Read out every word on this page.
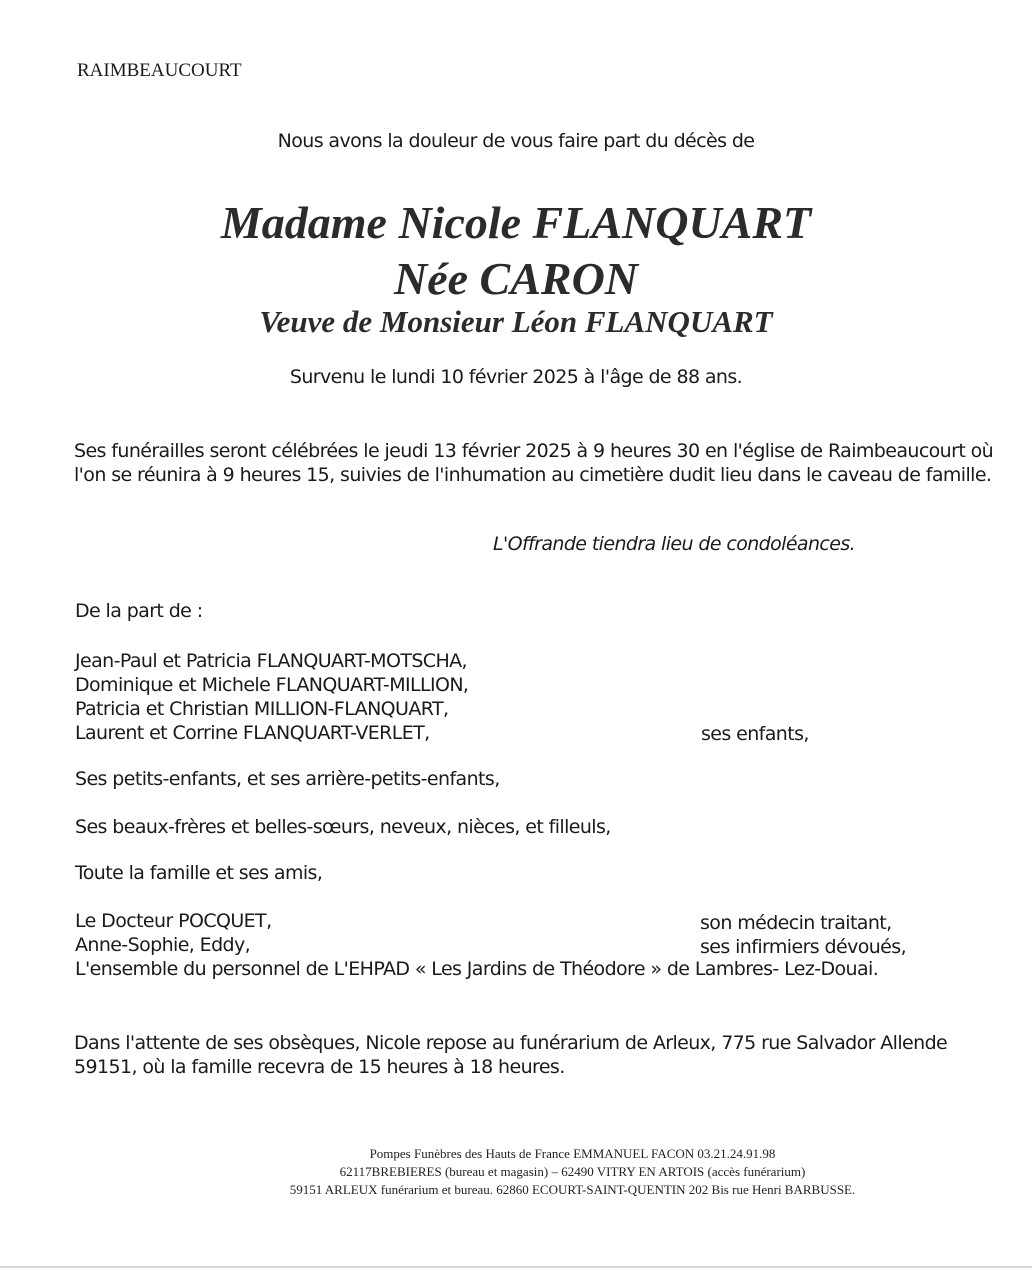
RAIMBEAUCOURT
Nous avons la douleur de vous faire part du décès de
Madame Nicole FLANQUART
Née CARON
Veuve de Monsieur Léon FLANQUART
Survenu le lundi 10 février 2025 à l'âge de 88 ans.
Ses funérailles seront célébrées le jeudi 13 février 2025 à 9 heures 30 en l'église de Raimbeaucourt où
l'on se réunira à 9 heures 15, suivies de l'inhumation au cimetière dudit lieu dans le caveau de famille.
L'Offrande tiendra lieu de condoléances.
De la part de :
Jean-Paul et Patricia FLANQUART-MOTSCHA,
Dominique et Michele FLANQUART-MILLION,
Patricia et Christian MILLION-FLANQUART,
Laurent et Corrine FLANQUART-VERLET,	ses enfants,
Ses petits-enfants, et ses arrière-petits-enfants,
Ses beaux-frères et belles-sœurs, neveux, nièces, et filleuls,
Toute la famille et ses amis,
Le Docteur POCQUET,	son médecin traitant,
Anne-Sophie, Eddy,	ses infirmiers dévoués,
L'ensemble du personnel de L'EHPAD « Les Jardins de Théodore » de Lambres- Lez-Douai.
Dans l'attente de ses obsèques, Nicole repose au funérarium de Arleux, 775 rue Salvador Allende
59151, où la famille recevra de 15 heures à 18 heures.
Pompes Funèbres des Hauts de France EMMANUEL FACON 03.21.24.91.98
62117BREBIERES (bureau et magasin) – 62490 VITRY EN ARTOIS (accès funérarium)
59151 ARLEUX funérarium et bureau. 62860 ECOURT-SAINT-QUENTIN 202 Bis rue Henri BARBUSSE.
